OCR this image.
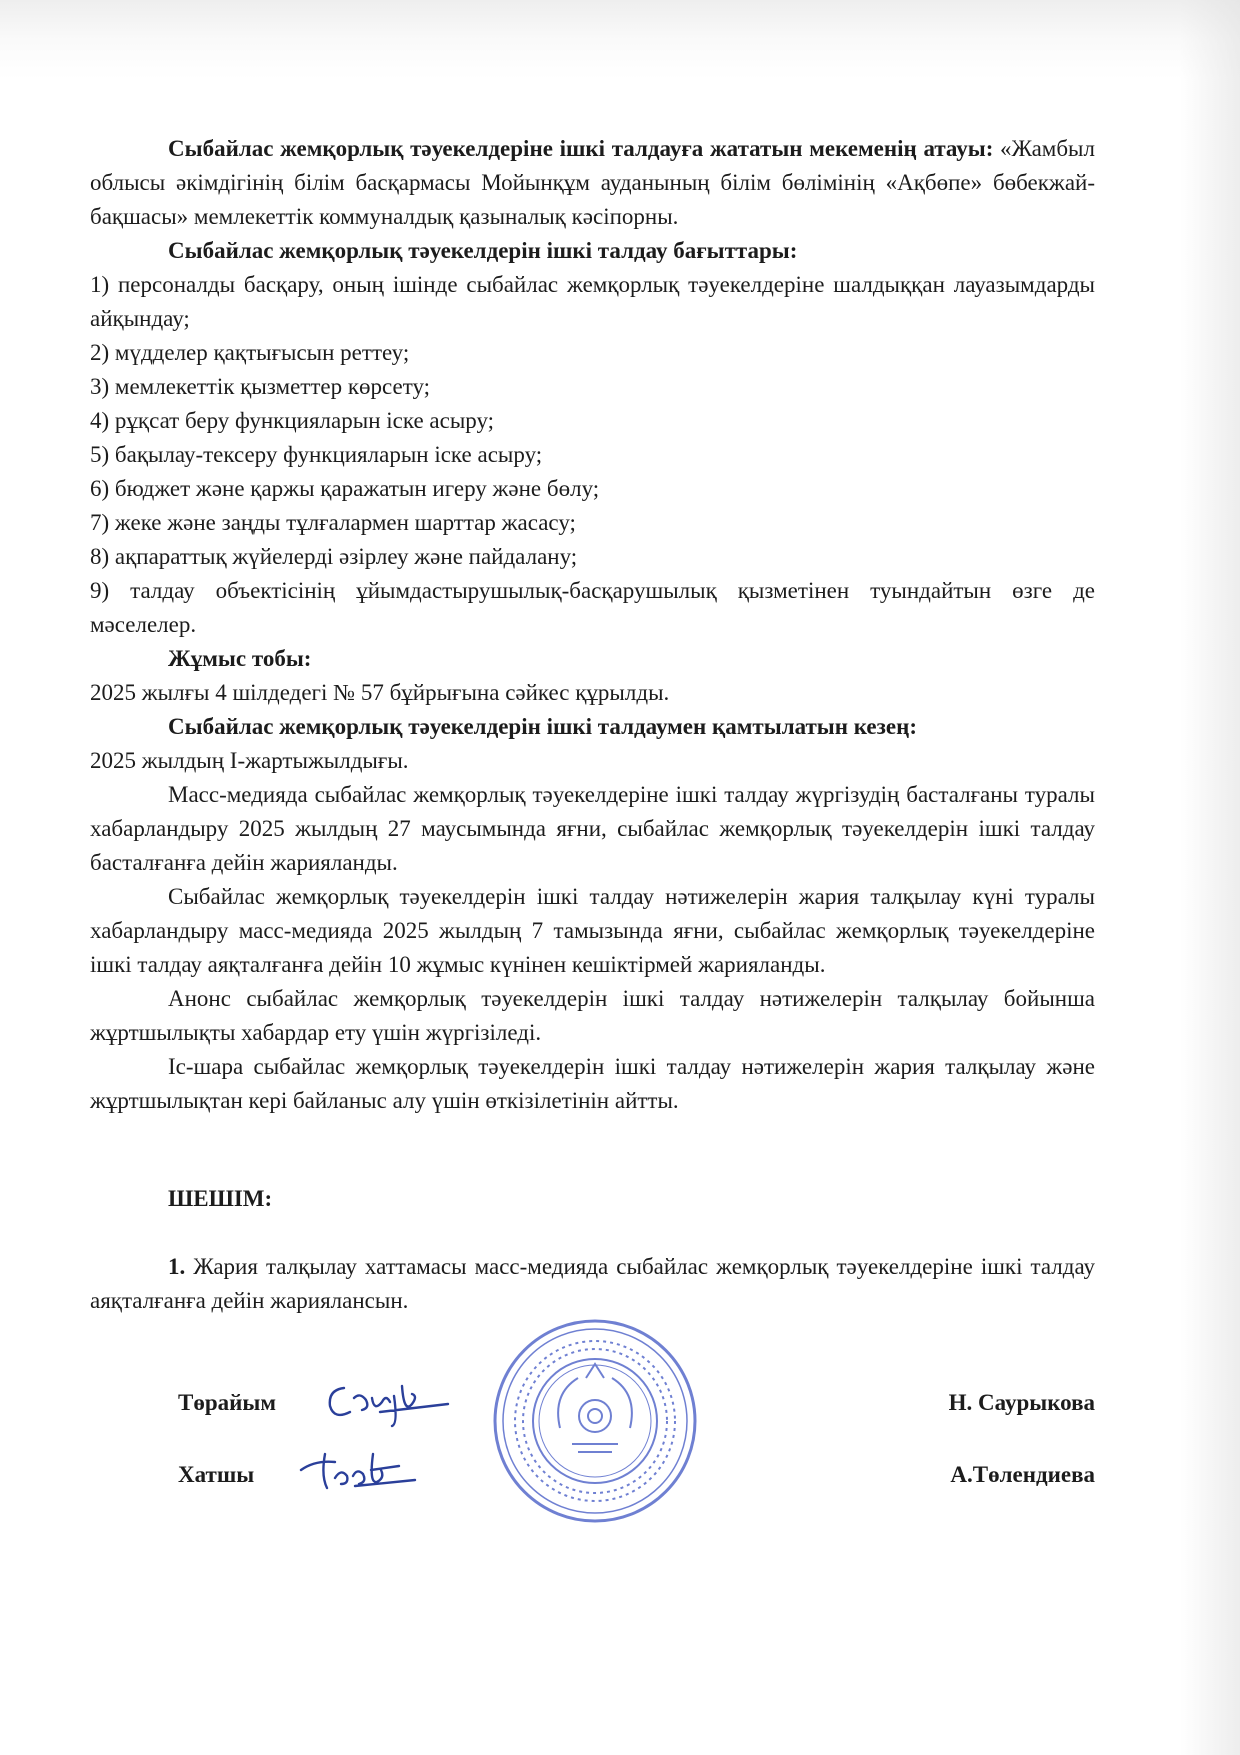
Сыбайлас жемқорлық тәуекелдеріне ішкі талдауға жататын мекеменің атауы: «Жамбыл облысы әкімдігінің білім басқармасы Мойынқұм ауданының білім бөлімінің «Ақбөпе» бөбекжай-бақшасы» мемлекеттік коммуналдық қазыналық кәсіпорны.

Сыбайлас жемқорлық тәуекелдерін ішкі талдау бағыттары:

1) персоналды басқару, оның ішінде сыбайлас жемқорлық тәуекелдеріне шалдыққан лауазымдарды айқындау;

2) мүдделер қақтығысын реттеу;

3) мемлекеттік қызметтер көрсету;

4) рұқсат беру функцияларын іске асыру;

5) бақылау-тексеру функцияларын іске асыру;

6) бюджет және қаржы қаражатын игеру және бөлу;

7) жеке және заңды тұлғалармен шарттар жасасу;

8) ақпараттық жүйелерді әзірлеу және пайдалану;

9) талдау объектісінің ұйымдастырушылық-басқарушылық қызметінен туындайтын өзге де мәселелер.

Жұмыс тобы:

2025 жылғы 4 шілдедегі № 57 бұйрығына сәйкес құрылды.

Сыбайлас жемқорлық тәуекелдерін ішкі талдаумен қамтылатын кезең:

2025 жылдың I-жартыжылдығы.

Масс-медияда сыбайлас жемқорлық тәуекелдеріне ішкі талдау жүргізудің басталғаны туралы хабарландыру 2025 жылдың 27 маусымында яғни, сыбайлас жемқорлық тәуекелдерін ішкі талдау басталғанға дейін жарияланды.

Сыбайлас жемқорлық тәуекелдерін ішкі талдау нәтижелерін жария талқылау күні туралы хабарландыру масс-медияда 2025 жылдың 7 тамызында яғни, сыбайлас жемқорлық тәуекелдеріне ішкі талдау аяқталғанға дейін 10 жұмыс күнінен кешіктірмей жарияланды.

Анонс сыбайлас жемқорлық тәуекелдерін ішкі талдау нәтижелерін талқылау бойынша жұртшылықты хабардар ету үшін жүргізіледі.

Іс-шара сыбайлас жемқорлық тәуекелдерін ішкі талдау нәтижелерін жария талқылау және жұртшылықтан кері байланыс алу үшін өткізілетінін айтты.

ШЕШІМ:

1. Жария талқылау хаттамасы масс-медияда сыбайлас жемқорлық тәуекелдеріне ішкі талдау аяқталғанға дейін жариялансын.

Төрайым	Н. Саурыкова
Хатшы	А.Төлендиева
